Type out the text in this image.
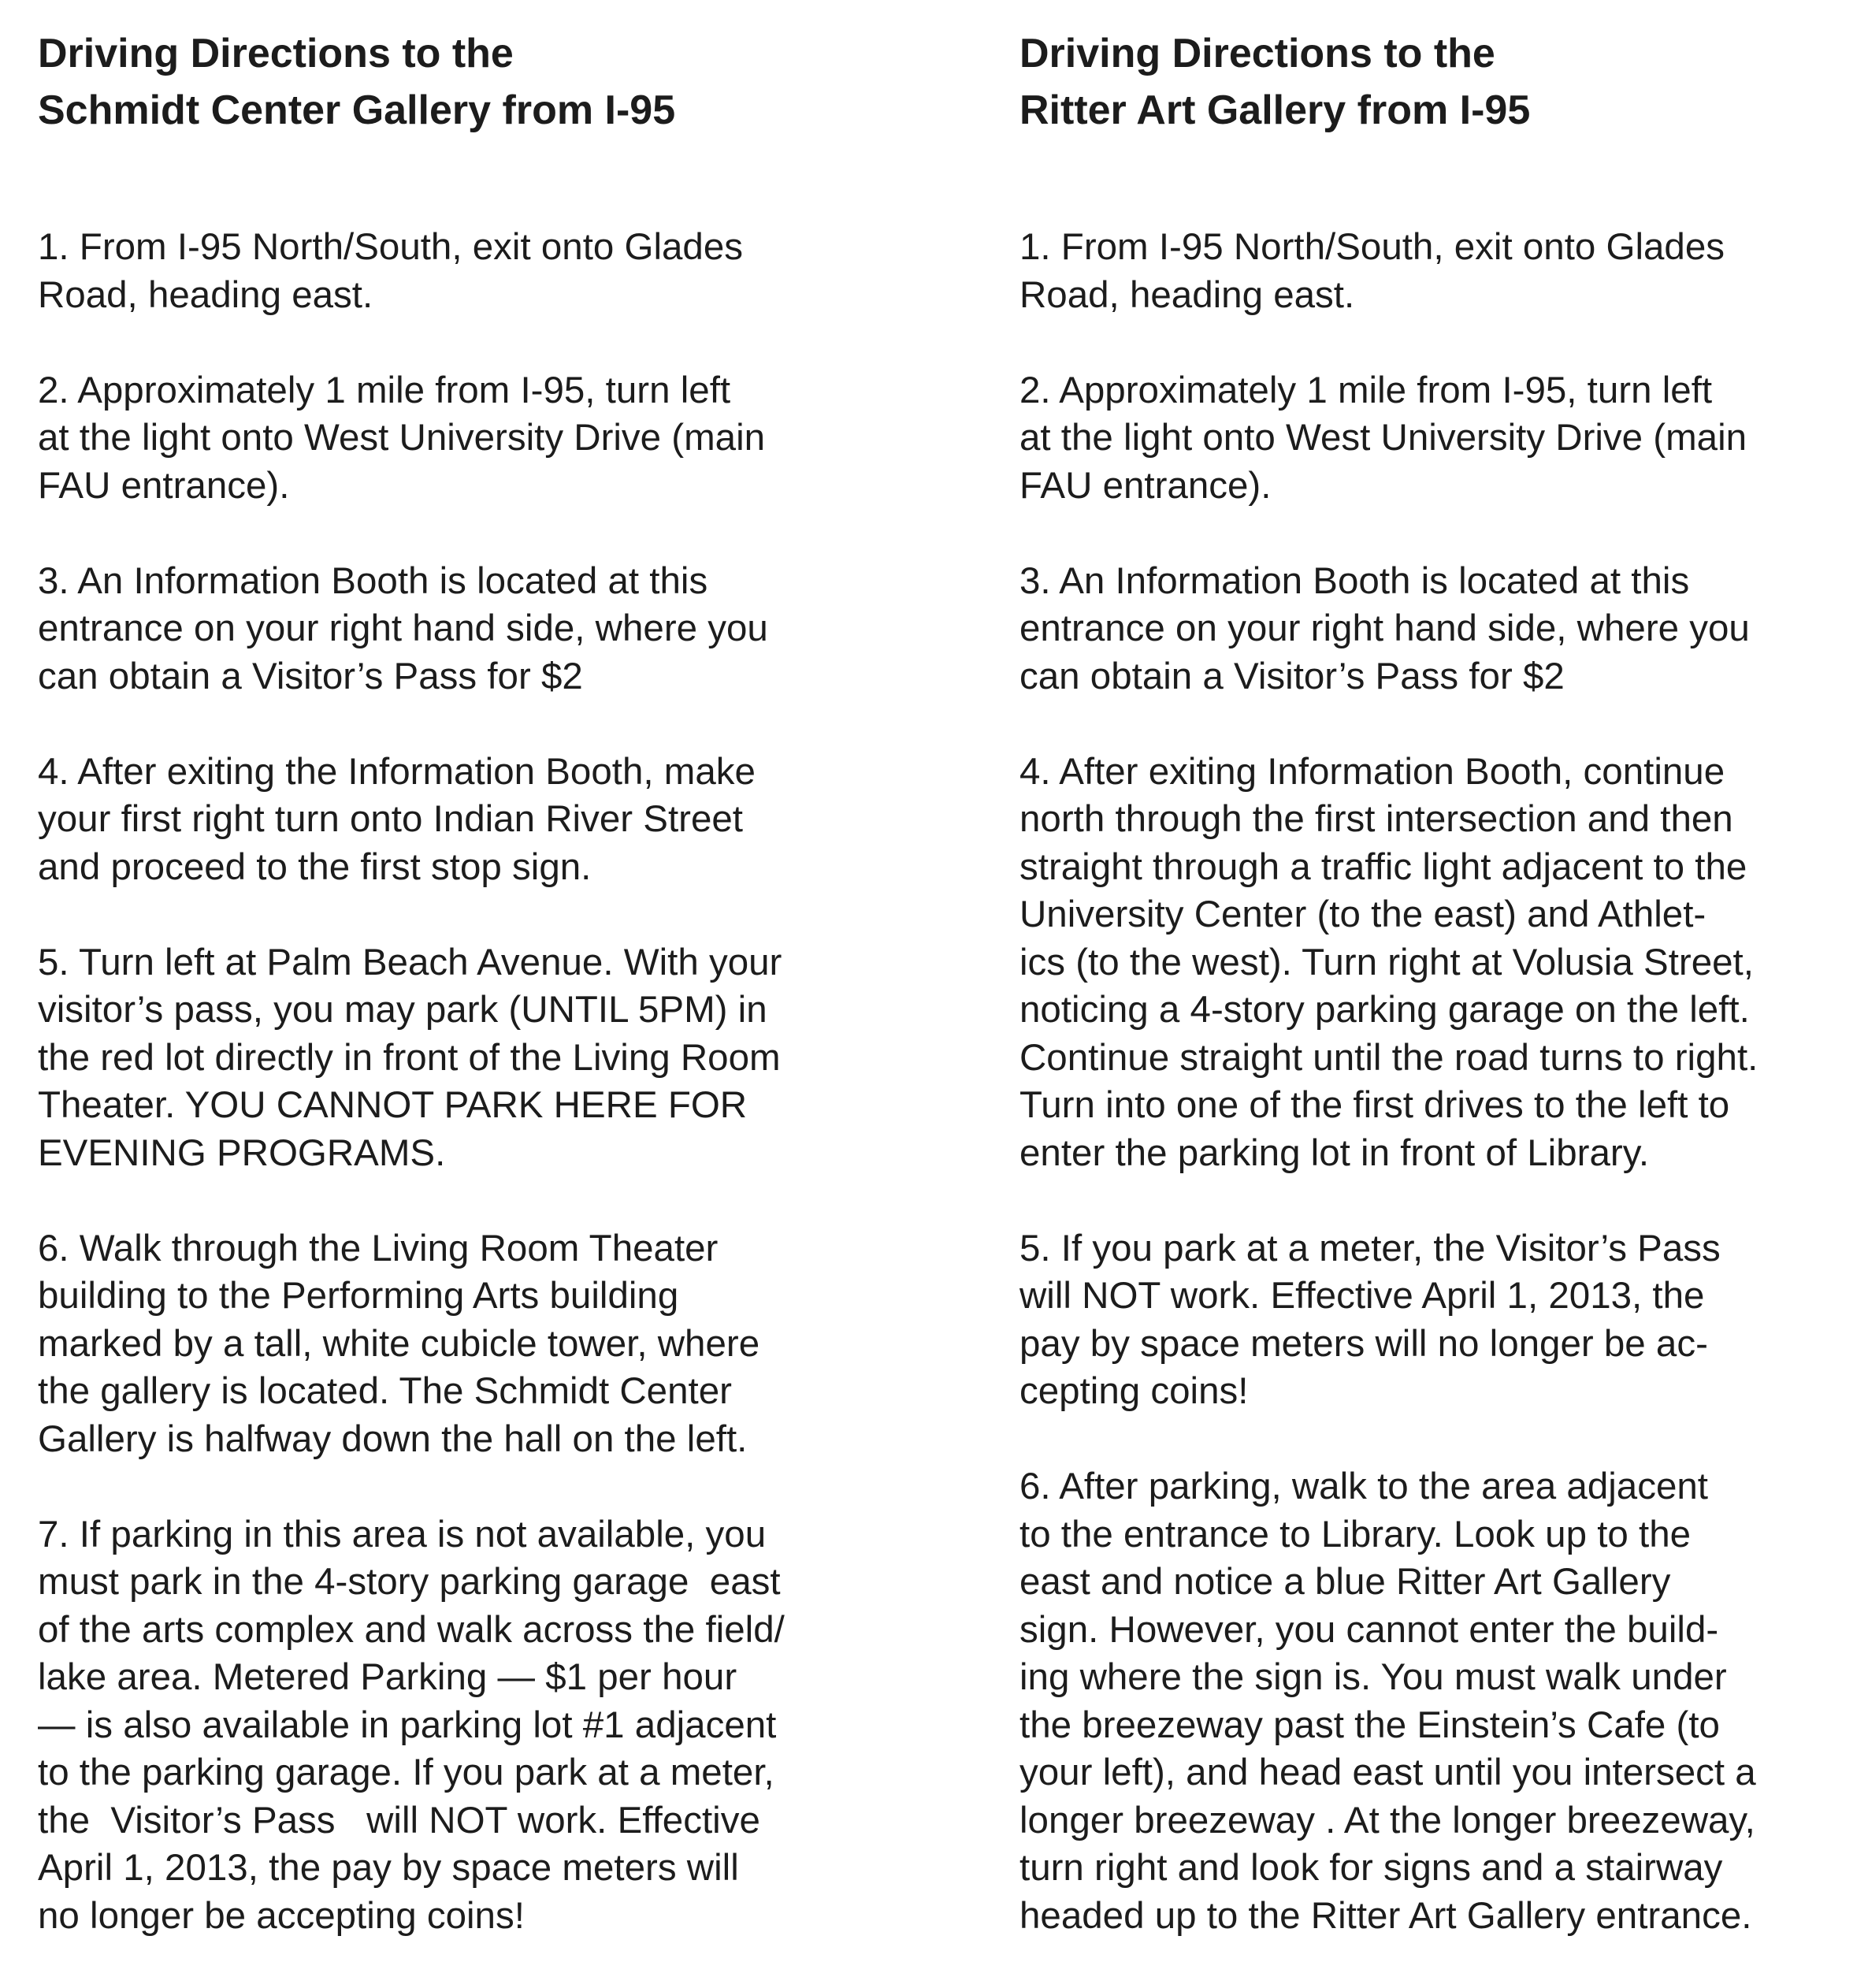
Driving Directions to the
Schmidt Center Gallery from I-95
1. From I-95 North/South, exit onto Glades
Road, heading east.
2. Approximately 1 mile from I-95, turn left
at the light onto West University Drive (main
FAU entrance).
3. An Information Booth is located at this
entrance on your right hand side, where you
can obtain a Visitor’s Pass for $2
4. After exiting the Information Booth, make
your first right turn onto Indian River Street
and proceed to the first stop sign.
5. Turn left at Palm Beach Avenue. With your
visitor’s pass, you may park (UNTIL 5PM) in
the red lot directly in front of the Living Room
Theater. YOU CANNOT PARK HERE FOR
EVENING PROGRAMS.
6. Walk through the Living Room Theater
building to the Performing Arts building
marked by a tall, white cubicle tower, where
the gallery is located. The Schmidt Center
Gallery is halfway down the hall on the left.
7. If parking in this area is not available, you
must park in the 4-story parking garage  east
of the arts complex and walk across the field/
lake area. Metered Parking — $1 per hour
— is also available in parking lot #1 adjacent
to the parking garage. If you park at a meter,
the  Visitor’s Pass   will NOT work. Effective
April 1, 2013, the pay by space meters will
no longer be accepting coins!
Driving Directions to the
Ritter Art Gallery from I-95
1. From I-95 North/South, exit onto Glades
Road, heading east.
2. Approximately 1 mile from I-95, turn left
at the light onto West University Drive (main
FAU entrance).
3. An Information Booth is located at this
entrance on your right hand side, where you
can obtain a Visitor’s Pass for $2
4. After exiting Information Booth, continue
north through the first intersection and then
straight through a traffic light adjacent to the
University Center (to the east) and Athlet-
ics (to the west). Turn right at Volusia Street,
noticing a 4-story parking garage on the left.
Continue straight until the road turns to right.
Turn into one of the first drives to the left to
enter the parking lot in front of Library.
5. If you park at a meter, the Visitor’s Pass
will NOT work. Effective April 1, 2013, the
pay by space meters will no longer be ac-
cepting coins!
6. After parking, walk to the area adjacent
to the entrance to Library. Look up to the
east and notice a blue Ritter Art Gallery
sign. However, you cannot enter the build-
ing where the sign is. You must walk under
the breezeway past the Einstein’s Cafe (to
your left), and head east until you intersect a
longer breezeway . At the longer breezeway,
turn right and look for signs and a stairway
headed up to the Ritter Art Gallery entrance.
